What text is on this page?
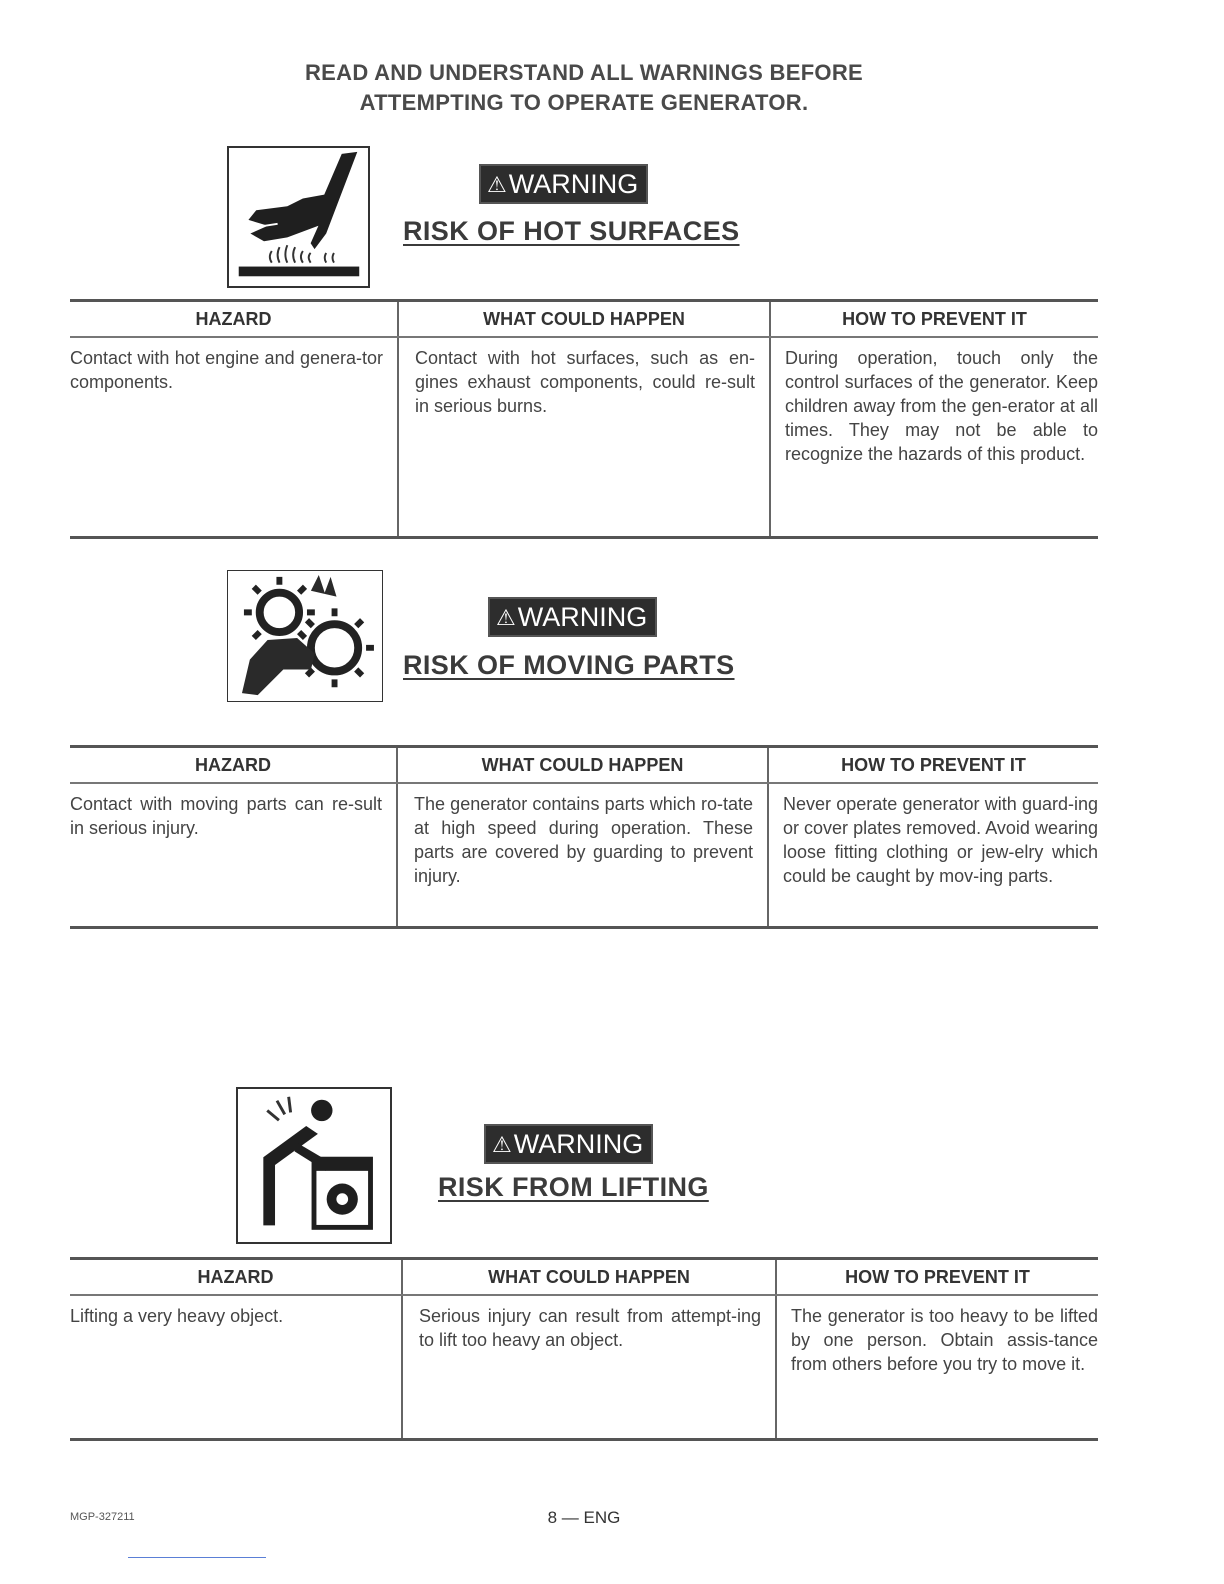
READ AND UNDERSTAND ALL WARNINGS BEFORE
ATTEMPTING TO OPERATE GENERATOR.
⚠WARNING
RISK OF HOT SURFACES
HAZARD	WHAT COULD HAPPEN	HOW TO PREVENT IT
Contact with hot engine and genera-tor components.	Contact with hot surfaces, such as en-gines exhaust components, could re-sult in serious burns.	During operation, touch only the control surfaces of the generator. Keep children away from the gen-erator at all times. They may not be able to recognize the hazards of this product.
⚠WARNING
RISK OF MOVING PARTS
HAZARD	WHAT COULD HAPPEN	HOW TO PREVENT IT
Contact with moving parts can re-sult in serious injury.	The generator contains parts which ro-tate at high speed during operation. These parts are covered by guarding to prevent injury.	Never operate generator with guard-ing or cover plates removed. Avoid wearing loose fitting clothing or jew-elry which could be caught by mov-ing parts.
⚠WARNING
RISK FROM LIFTING
HAZARD	WHAT COULD HAPPEN	HOW TO PREVENT IT
Lifting a very heavy object.	Serious injury can result from attempt-ing to lift too heavy an object.	The generator is too heavy to be lifted by one person. Obtain assis-tance from others before you try to move it.
MGP-327211	8 — ENG
